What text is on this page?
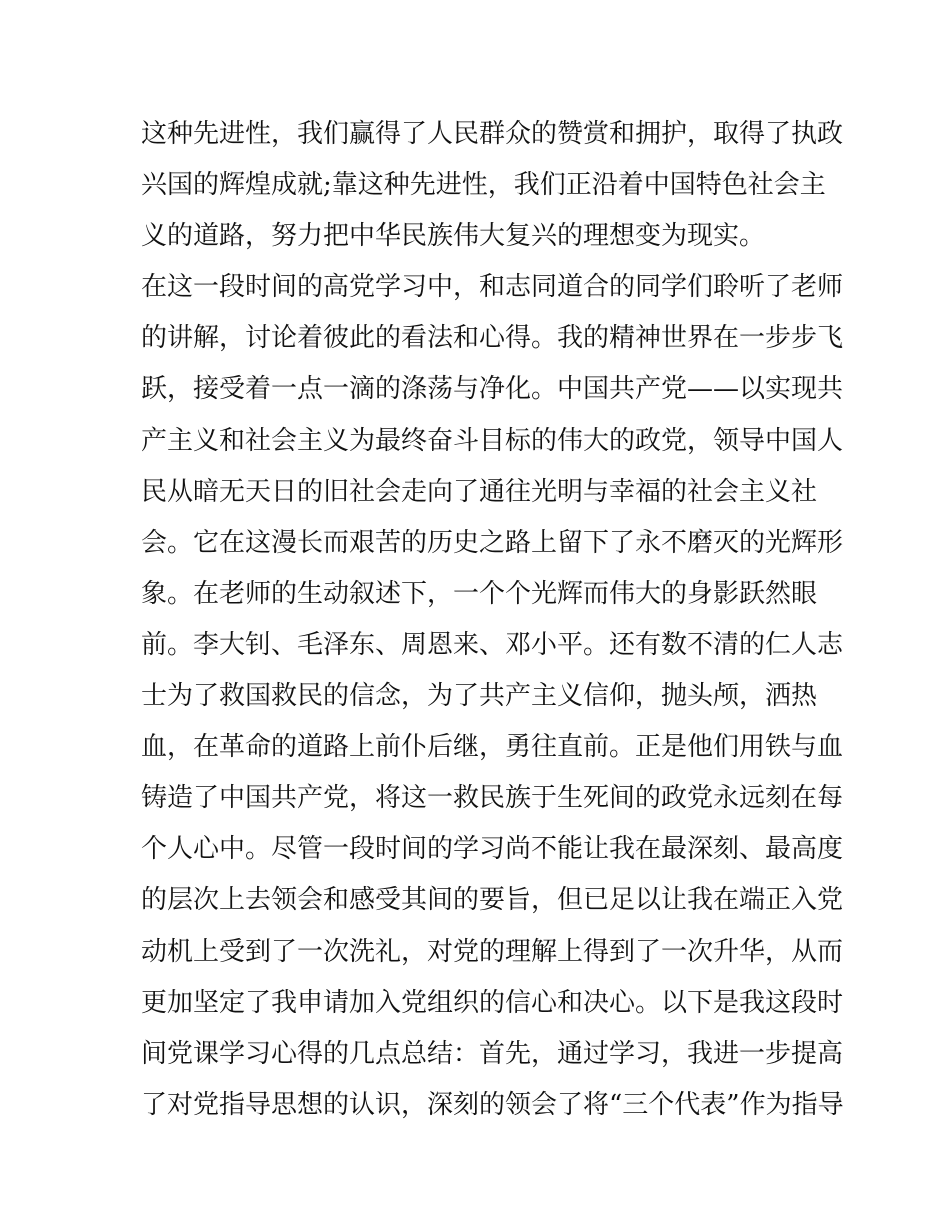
这种先进性，我们赢得了人民群众的赞赏和拥护，取得了执政
兴国的辉煌成就;靠这种先进性，我们正沿着中国特色社会主
义的道路，努力把中华民族伟大复兴的理想变为现实。
在这一段时间的高党学习中，和志同道合的同学们聆听了老师
的讲解，讨论着彼此的看法和心得。我的精神世界在一步步飞
跃，接受着一点一滴的涤荡与净化。中国共产党——以实现共
产主义和社会主义为最终奋斗目标的伟大的政党，领导中国人
民从暗无天日的旧社会走向了通往光明与幸福的社会主义社
会。它在这漫长而艰苦的历史之路上留下了永不磨灭的光辉形
象。在老师的生动叙述下，一个个光辉而伟大的身影跃然眼
前。李大钊、毛泽东、周恩来、邓小平。还有数不清的仁人志
士为了救国救民的信念，为了共产主义信仰，抛头颅，洒热
血，在革命的道路上前仆后继，勇往直前。正是他们用铁与血
铸造了中国共产党，将这一救民族于生死间的政党永远刻在每
个人心中。尽管一段时间的学习尚不能让我在最深刻、最高度
的层次上去领会和感受其间的要旨，但已足以让我在端正入党
动机上受到了一次洗礼，对党的理解上得到了一次升华，从而
更加坚定了我申请加入党组织的信心和决心。以下是我这段时
间党课学习心得的几点总结：首先，通过学习，我进一步提高
了对党指导思想的认识，深刻的领会了将“三个代表”作为指导
